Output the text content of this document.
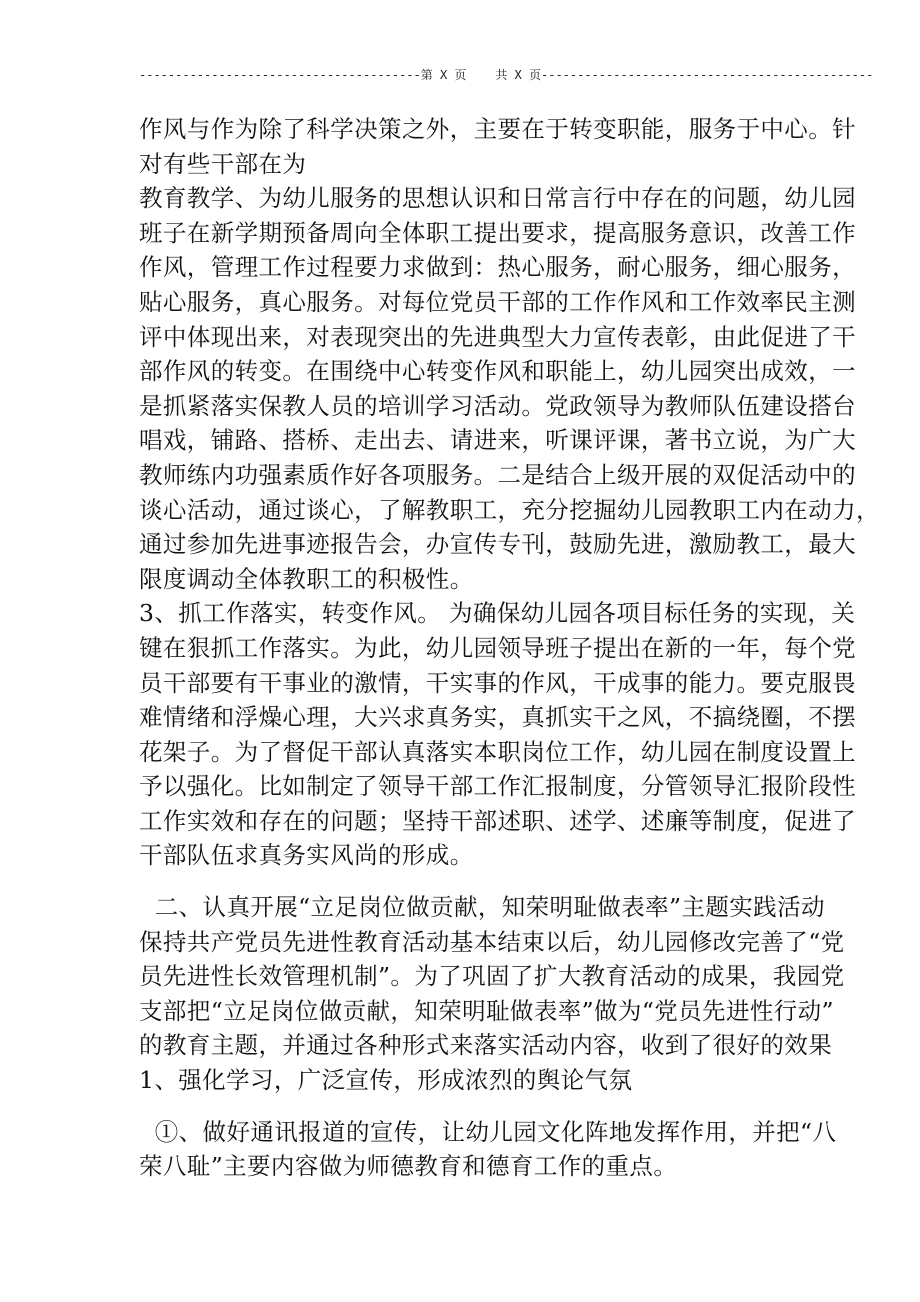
---------------------------------------第 X 页    共 X 页----------------------------------------------
作风与作为除了科学决策之外，主要在于转变职能，服务于中心。针
对有些干部在为
教育教学、为幼儿服务的思想认识和日常言行中存在的问题，幼儿园
班子在新学期预备周向全体职工提出要求，提高服务意识，改善工作
作风，管理工作过程要力求做到：热心服务，耐心服务，细心服务，
贴心服务，真心服务。对每位党员干部的工作作风和工作效率民主测
评中体现出来，对表现突出的先进典型大力宣传表彰，由此促进了干
部作风的转变。在围绕中心转变作风和职能上，幼儿园突出成效，一
是抓紧落实保教人员的培训学习活动。党政领导为教师队伍建设搭台
唱戏，铺路、搭桥、走出去、请进来，听课评课，著书立说，为广大
教师练内功强素质作好各项服务。二是结合上级开展的双促活动中的
谈心活动，通过谈心，了解教职工，充分挖掘幼儿园教职工内在动力，
通过参加先进事迹报告会，办宣传专刊，鼓励先进，激励教工，最大
限度调动全体教职工的积极性。
3、抓工作落实，转变作风。 为确保幼儿园各项目标任务的实现，关
键在狠抓工作落实。为此，幼儿园领导班子提出在新的一年，每个党
员干部要有干事业的激情，干实事的作风，干成事的能力。要克服畏
难情绪和浮燥心理，大兴求真务实，真抓实干之风，不搞绕圈，不摆
花架子。为了督促干部认真落实本职岗位工作，幼儿园在制度设置上
予以强化。比如制定了领导干部工作汇报制度，分管领导汇报阶段性
工作实效和存在的问题；坚持干部述职、述学、述廉等制度，促进了
干部队伍求真务实风尚的形成。
二、认真开展“立足岗位做贡献，知荣明耻做表率”主题实践活动
保持共产党员先进性教育活动基本结束以后，幼儿园修改完善了“党
员先进性长效管理机制”。为了巩固了扩大教育活动的成果，我园党
支部把“立足岗位做贡献，知荣明耻做表率”做为“党员先进性行动”
的教育主题，并通过各种形式来落实活动内容，收到了很好的效果
1、强化学习，广泛宣传，形成浓烈的舆论气氛
①、做好通讯报道的宣传，让幼儿园文化阵地发挥作用，并把“八
荣八耻”主要内容做为师德教育和德育工作的重点。
